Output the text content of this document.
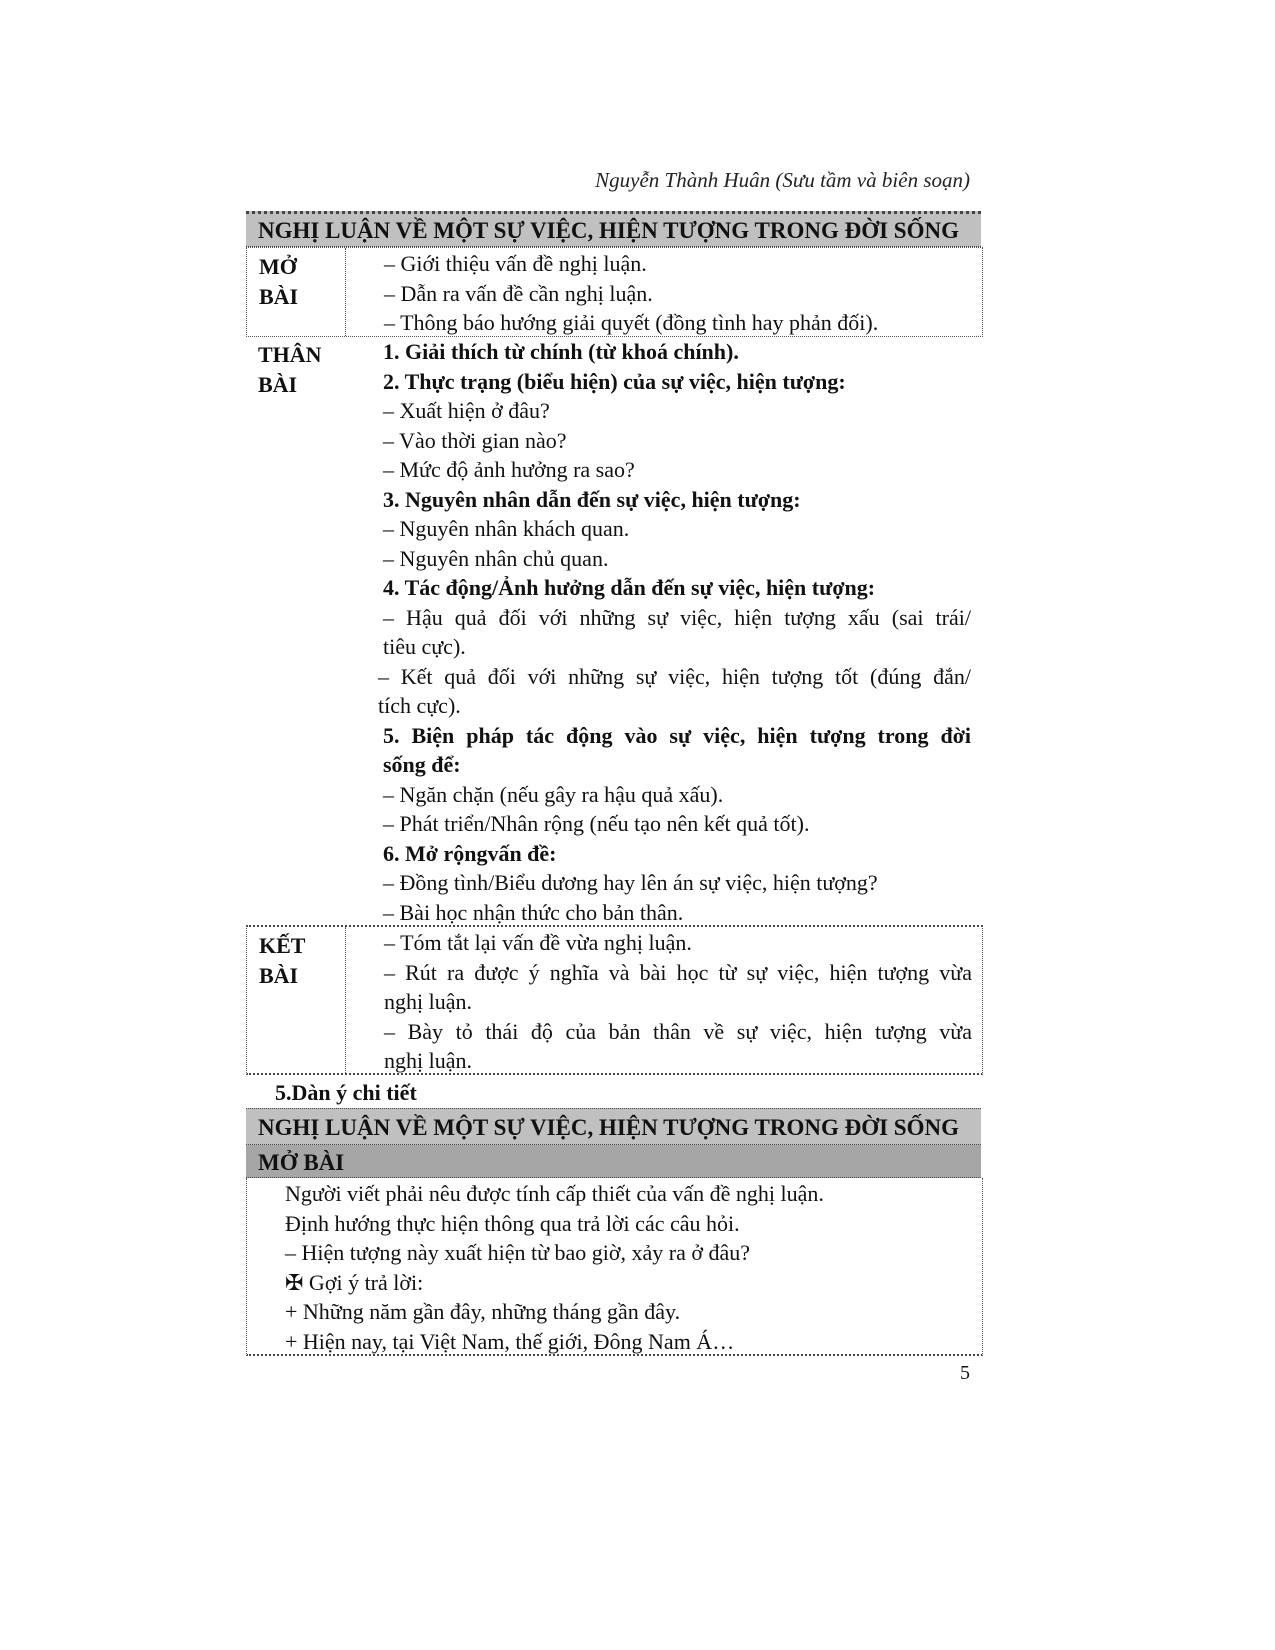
Nguyễn Thành Huân (Sưu tầm và biên soạn)
NGHỊ LUẬN VỀ MỘT SỰ VIỆC, HIỆN TƯỢNG TRONG ĐỜI SỐNG
MỞ
BÀI
– Giới thiệu vấn đề nghị luận.
– Dẫn ra vấn đề cần nghị luận.
– Thông báo hướng giải quyết (đồng tình hay phản đối).
THÂN
BÀI
1. Giải thích từ chính (từ khoá chính).
2. Thực trạng (biểu hiện) của sự việc, hiện tượng:
– Xuất hiện ở đâu?
– Vào thời gian nào?
– Mức độ ảnh hưởng ra sao?
3. Nguyên nhân dẫn đến sự việc, hiện tượng:
– Nguyên nhân khách quan.
– Nguyên nhân chủ quan.
4. Tác động/Ảnh hưởng dẫn đến sự việc, hiện tượng:
– Hậu quả đối với những sự việc, hiện tượng xấu (sai trái/
tiêu cực).
– Kết quả đối với những sự việc, hiện tượng tốt (đúng đắn/
tích cực).
5. Biện pháp tác động vào sự việc, hiện tượng trong đời
sống để:
– Ngăn chặn (nếu gây ra hậu quả xấu).
– Phát triển/Nhân rộng (nếu tạo nên kết quả tốt).
6. Mở rộngvấn đề:
– Đồng tình/Biểu dương hay lên án sự việc, hiện tượng?
– Bài học nhận thức cho bản thân.
KẾT
BÀI
– Tóm tắt lại vấn đề vừa nghị luận.
– Rút ra được ý nghĩa và bài học từ sự việc, hiện tượng vừa
nghị luận.
– Bày tỏ thái độ của bản thân về sự việc, hiện tượng vừa
nghị luận.
5.Dàn ý chi tiết
NGHỊ LUẬN VỀ MỘT SỰ VIỆC, HIỆN TƯỢNG TRONG ĐỜI SỐNG
MỞ BÀI
Người viết phải nêu được tính cấp thiết của vấn đề nghị luận.
Định hướng thực hiện thông qua trả lời các câu hỏi.
– Hiện tượng này xuất hiện từ bao giờ, xảy ra ở đâu?
✠ Gợi ý trả lời:
+ Những năm gần đây, những tháng gần đây.
+ Hiện nay, tại Việt Nam, thế giới, Đông Nam Á…
5
